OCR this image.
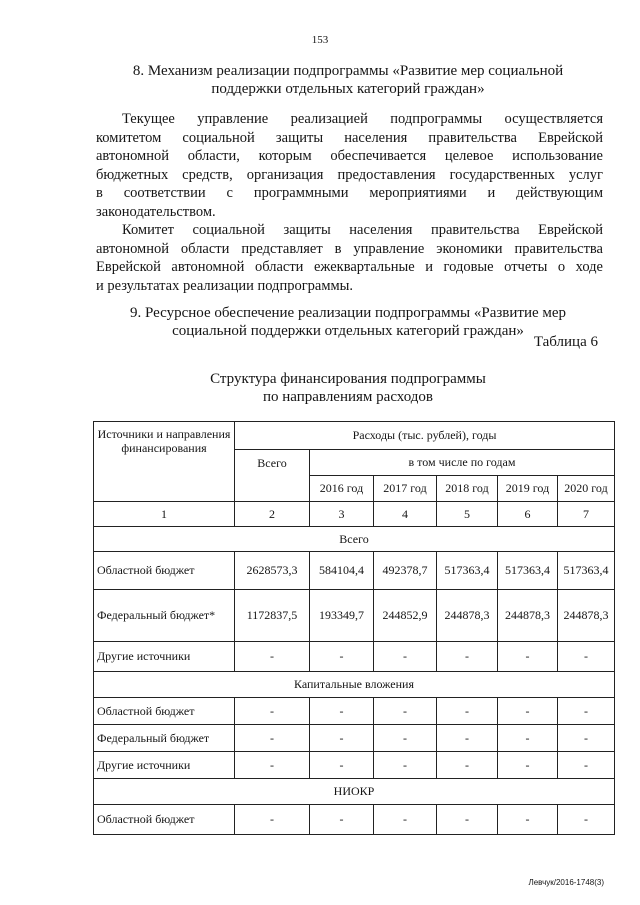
153
8. Механизм реализации подпрограммы «Развитие мер социальной
поддержки отдельных категорий граждан»
Текущее управление реализацией подпрограммы осуществляется
комитетом социальной защиты населения правительства Еврейской
автономной области, которым обеспечивается целевое использование
бюджетных средств, организация предоставления государственных услуг
в соответствии с программными мероприятиями и действующим
законодательством.
Комитет социальной защиты населения правительства Еврейской
автономной области представляет в управление экономики правительства
Еврейской автономной области ежеквартальные и годовые отчеты о ходе
и результатах реализации подпрограммы.
9. Ресурсное обеспечение реализации подпрограммы «Развитие мер
социальной поддержки отдельных категорий граждан»
Таблица 6
Структура финансирования подпрограммы
по направлениям расходов
Источники и направления финансирования	Расходы (тыс. рублей), годы					
	Всего	в том числе по годам				
		2016 год	2017 год	2018 год	2019 год	2020 год
1	2	3	4	5	6	7
Всего						
Областной бюджет	2628573,3	584104,4	492378,7	517363,4	517363,4	517363,4
Федеральный бюджет*	1172837,5	193349,7	244852,9	244878,3	244878,3	244878,3
Другие источники	-	-	-	-	-	-
Капитальные вложения						
Областной бюджет	-	-	-	-	-	-
Федеральный бюджет	-	-	-	-	-	-
Другие источники	-	-	-	-	-	-
НИОКР						
Областной бюджет	-	-	-	-	-	-
Левчук/2016-1748(3)
